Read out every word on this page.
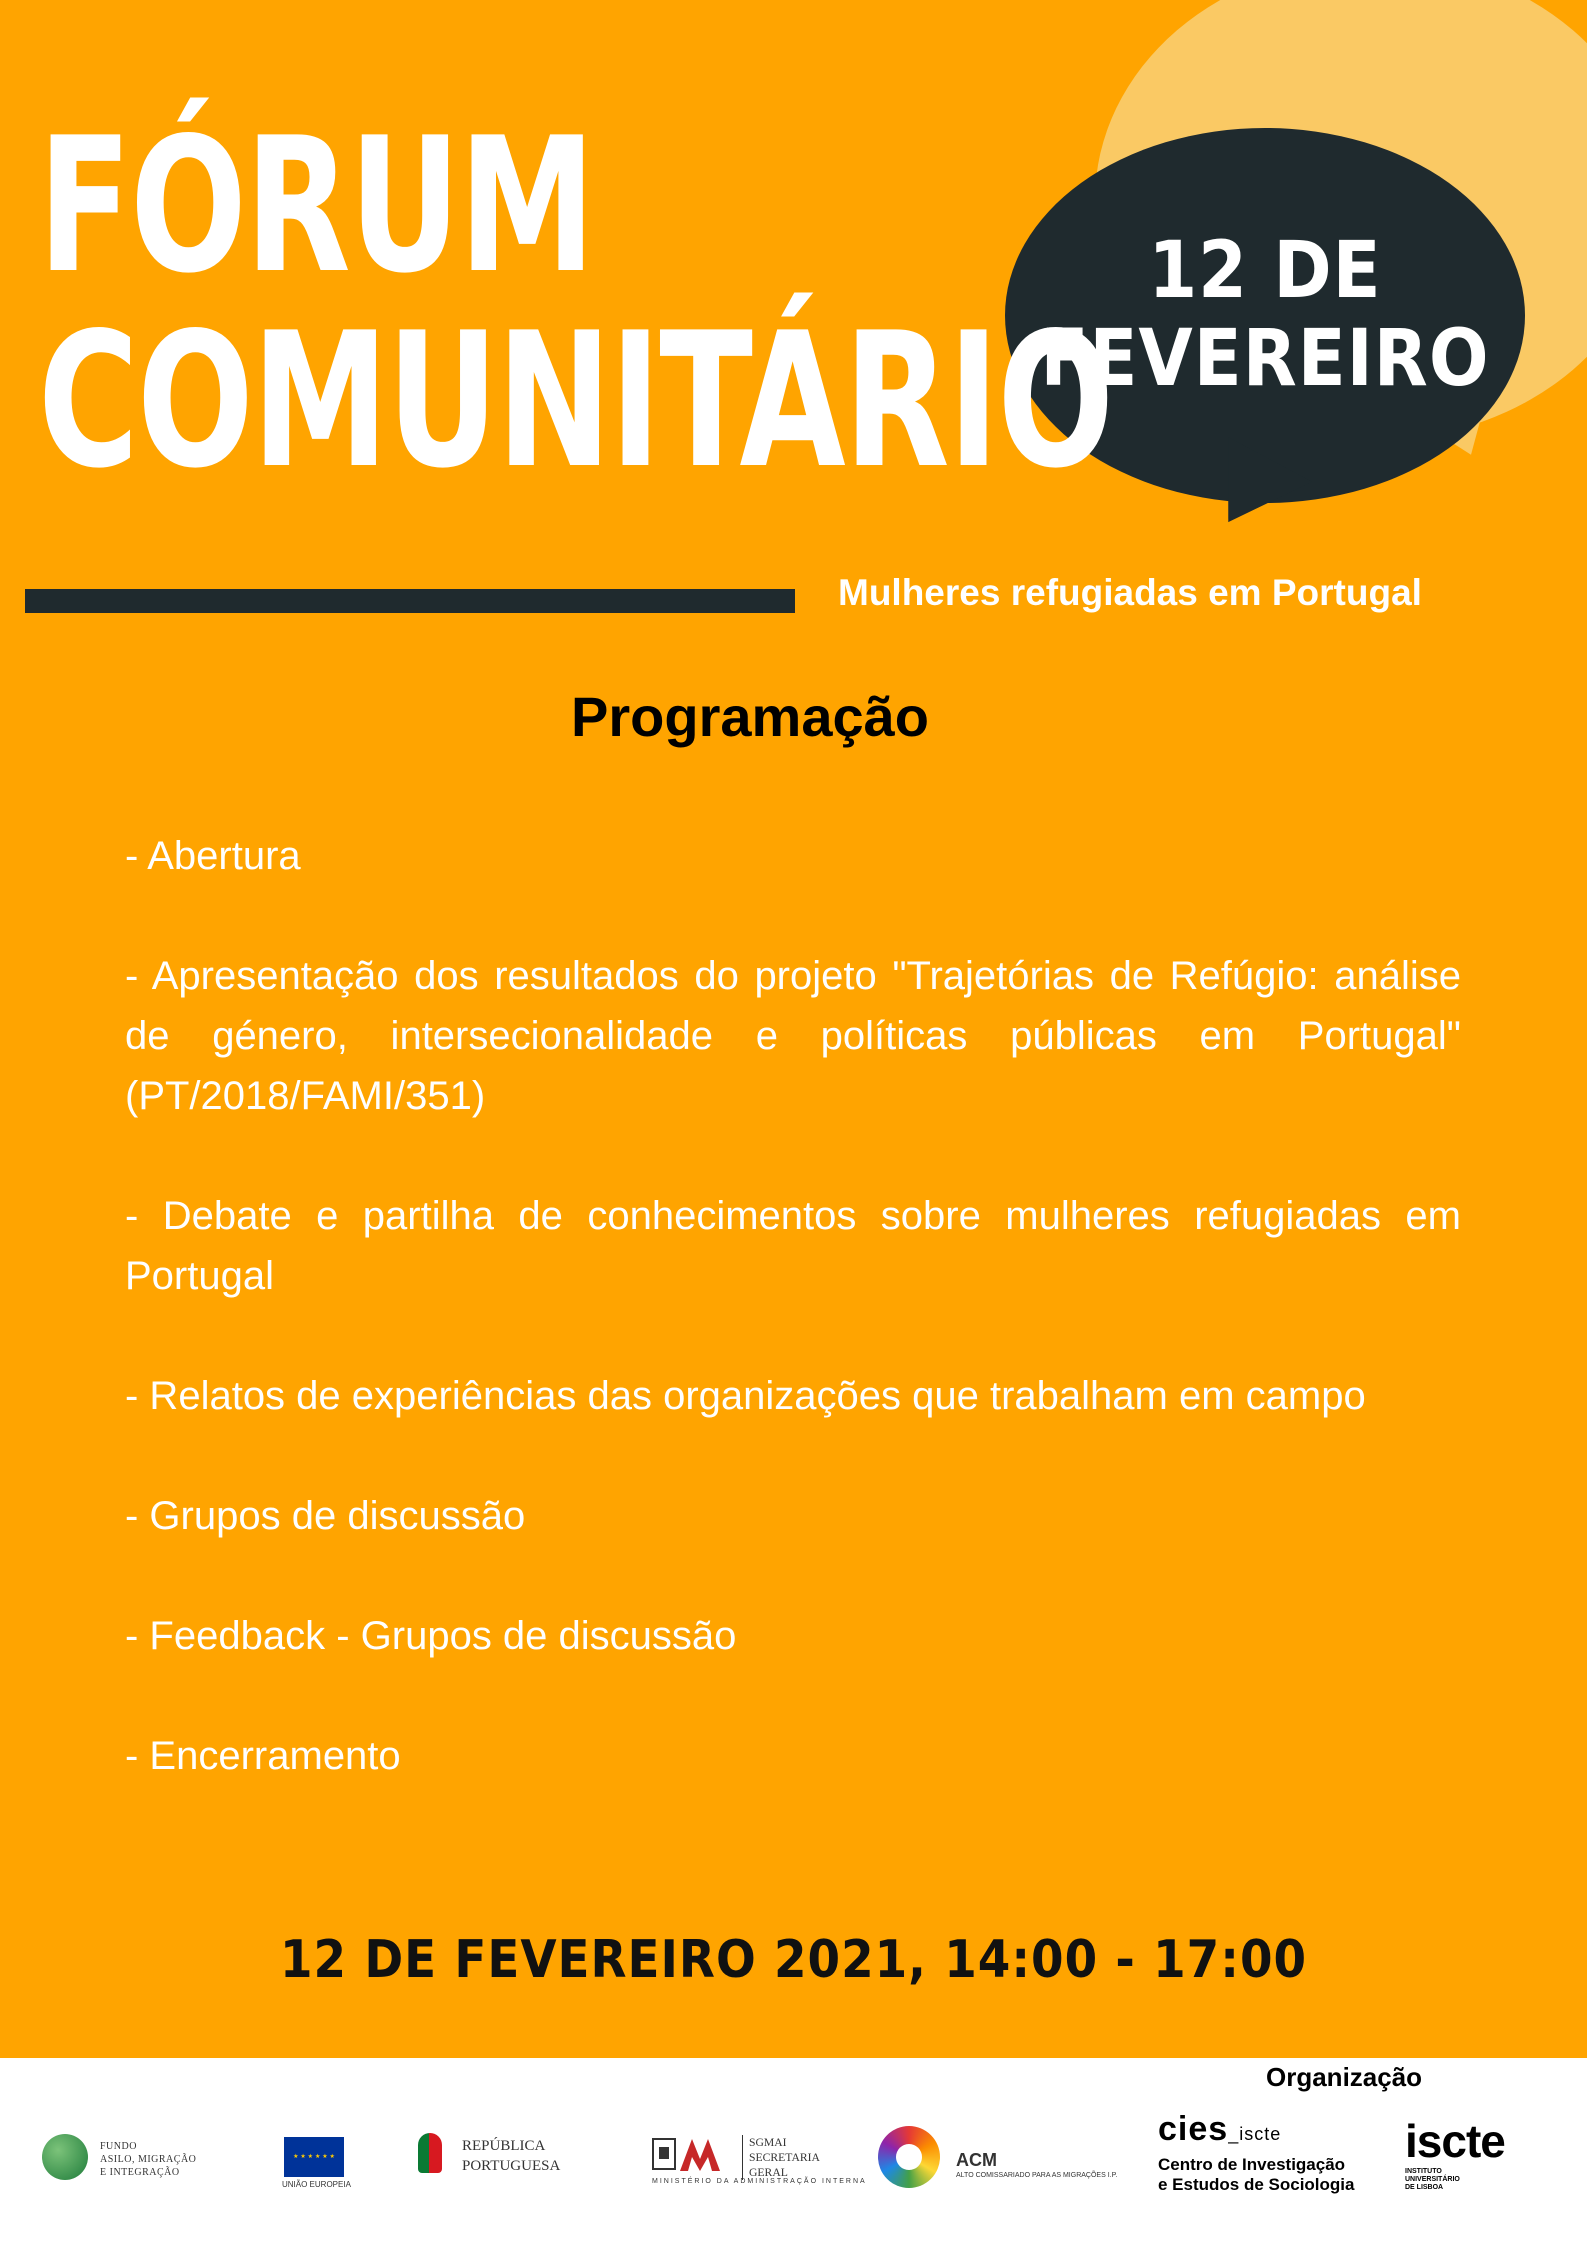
12 DE
FEVEREIRO
FÓRUM
COMUNITÁRIO
Mulheres refugiadas em Portugal
Programação
- Abertura
- Apresentação dos resultados do projeto "Trajetórias de Refúgio: análise de género, intersecionalidade e políticas públicas em Portugal" (PT/2018/FAMI/351)
- Debate e partilha de conhecimentos sobre mulheres refugiadas em Portugal
- Relatos de experiências das organizações que trabalham em campo
- Grupos de discussão
- Feedback - Grupos de discussão
- Encerramento
12 DE FEVEREIRO 2021, 14:00 - 17:00
Organização
FUNDO
ASILO, MIGRAÇÃO
E INTEGRAÇÃO
★ ★ ★ ★ ★ ★
UNIÃO EUROPEIA
REPÚBLICA
PORTUGUESA
SGMAI
SECRETARIA
GERAL
MINISTÉRIO DA ADMINISTRAÇÃO INTERNA
ACM
ALTO COMISSARIADO PARA AS MIGRAÇÕES I.P.
cies_iscte
Centro de Investigação
e Estudos de Sociologia
iscte
INSTITUTO
UNIVERSITÁRIO
DE LISBOA
